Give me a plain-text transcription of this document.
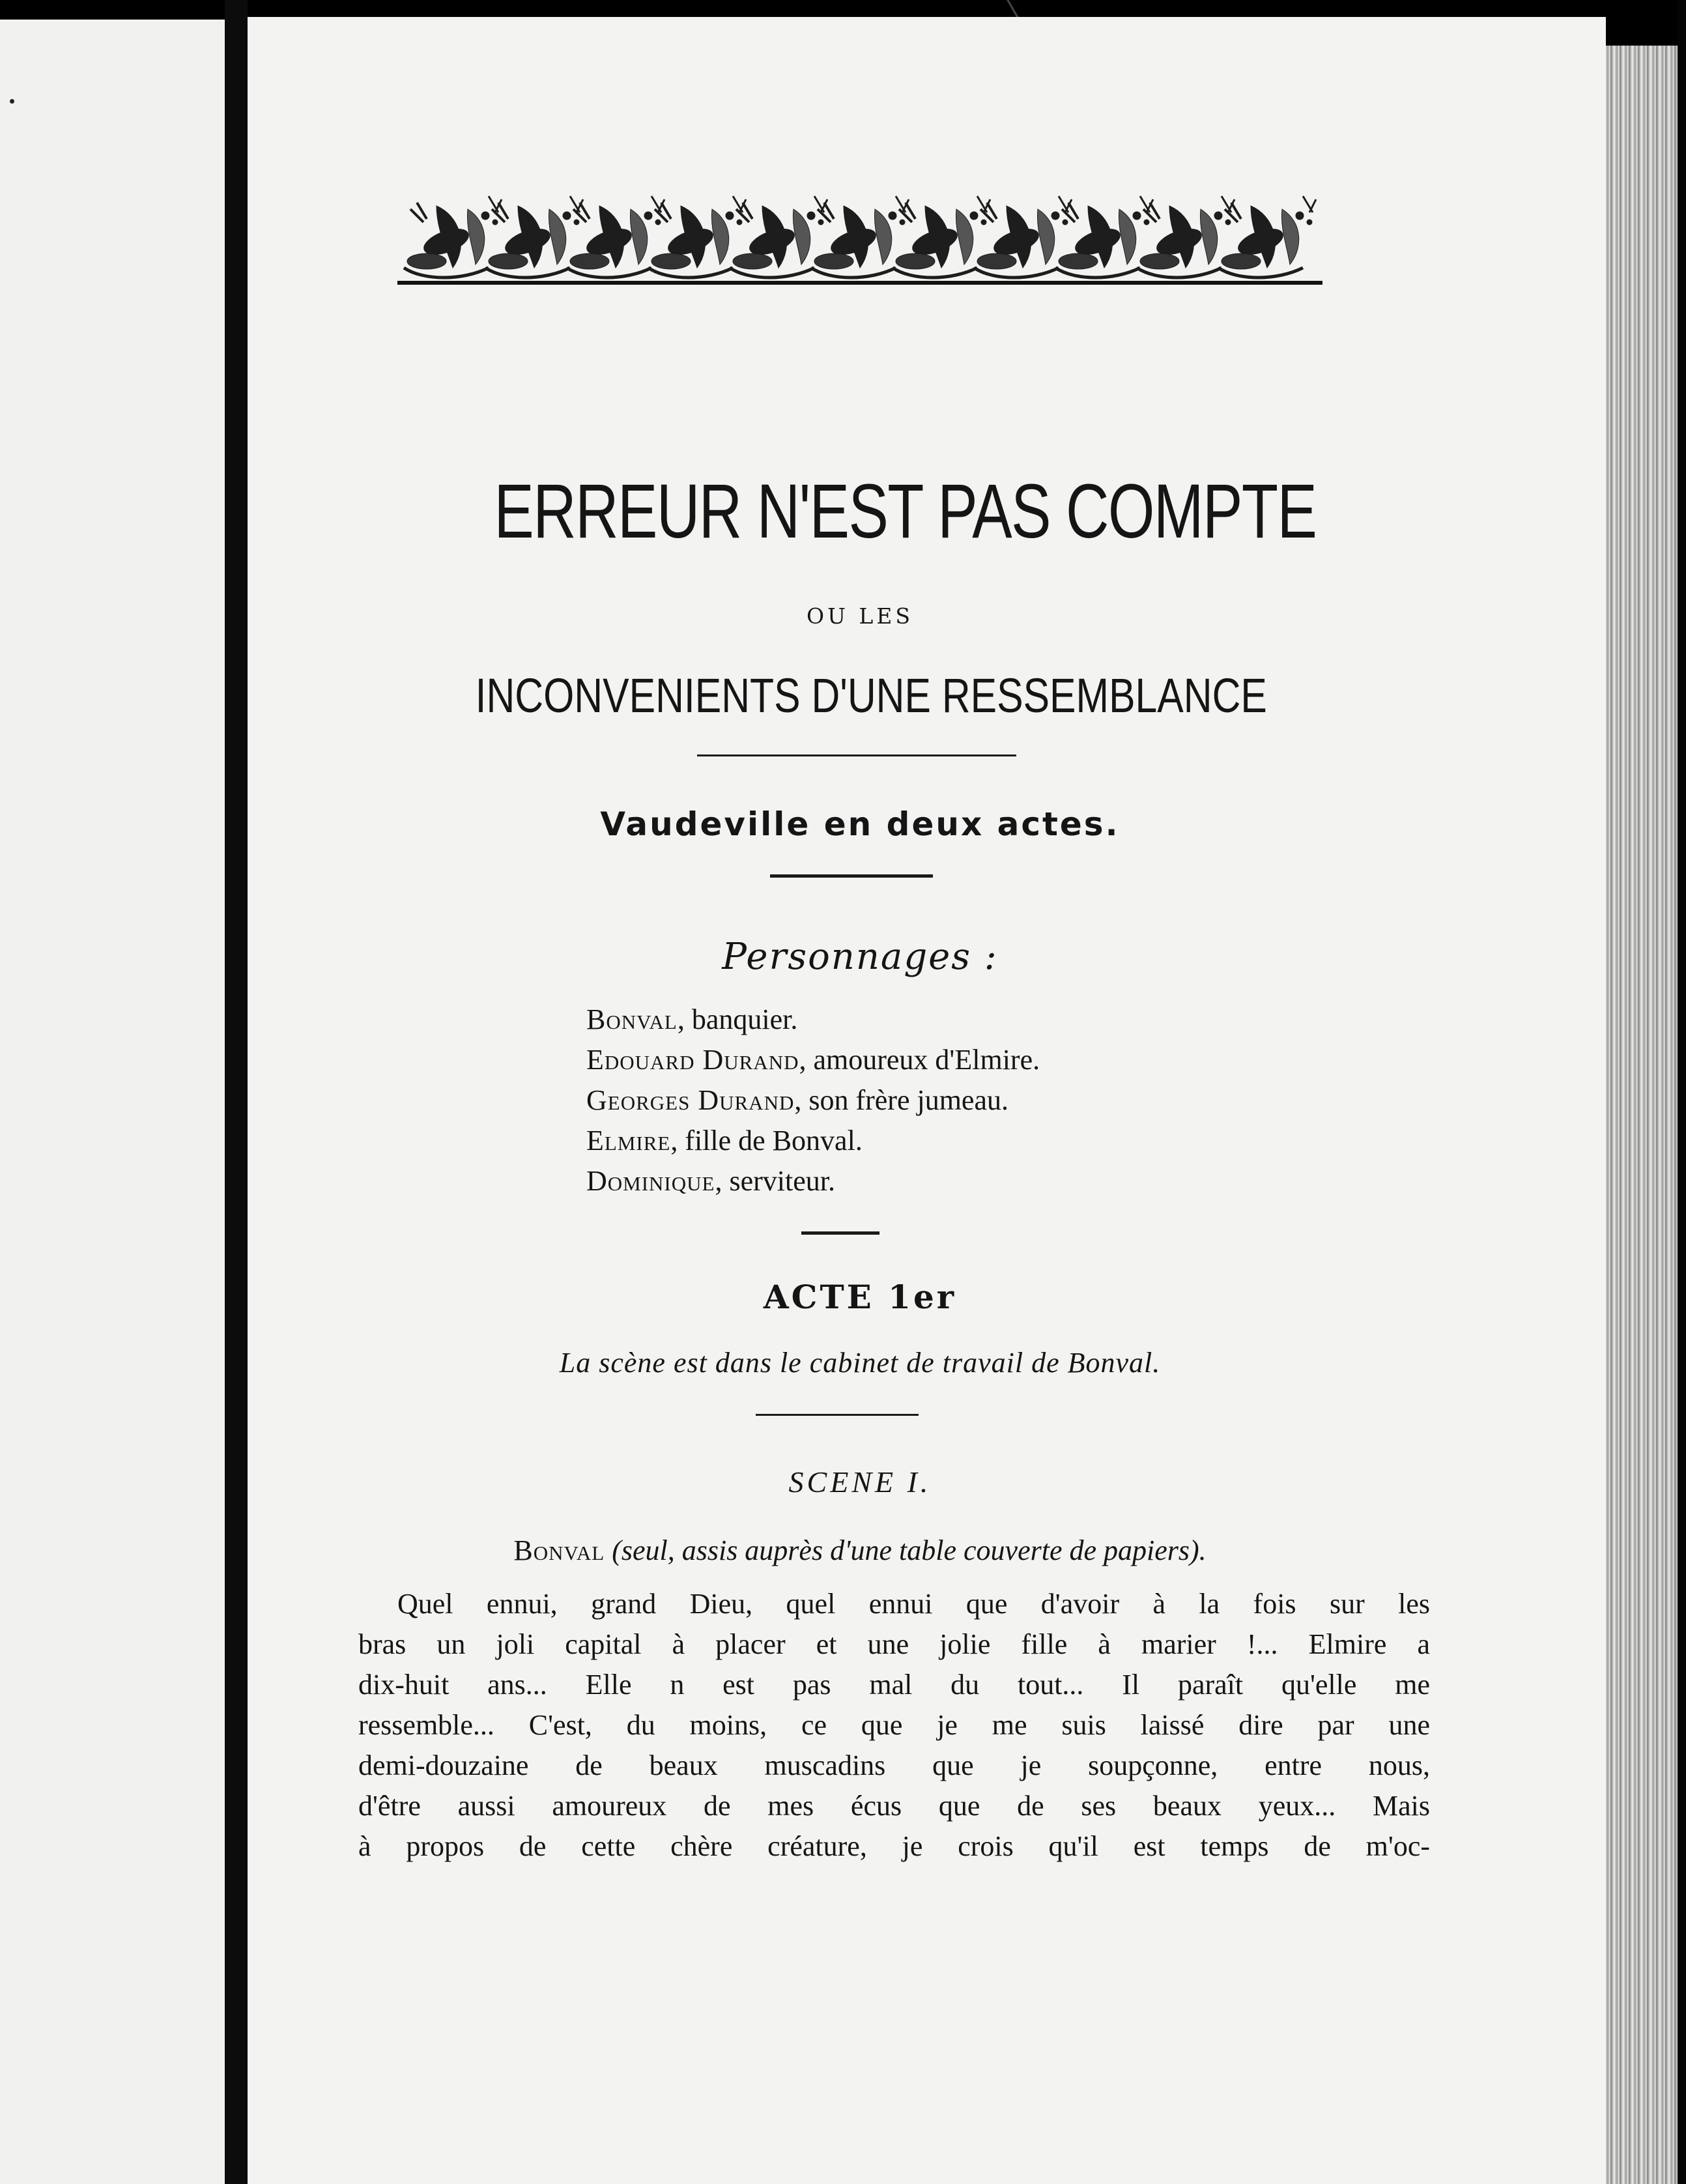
ERREUR N'EST PAS COMPTE
OU LES
INCONVENIENTS D'UNE RESSEMBLANCE
Vaudeville en deux actes.
Personnages :
Bonval, banquier.
Edouard Durand, amoureux d'Elmire.
Georges Durand, son frère jumeau.
Elmire, fille de Bonval.
Dominique, serviteur.
ACTE 1er
La scène est dans le cabinet de travail de Bonval.
SCENE I.
Bonval (seul, assis auprès d'une table couverte de papiers).
Quel ennui, grand Dieu, quel ennui que d'avoir à la fois sur les
bras un joli capital à placer et une jolie fille à marier !... Elmire a
dix-huit ans... Elle n est pas mal du tout... Il paraît qu'elle me
ressemble... C'est, du moins, ce que je me suis laissé dire par une
demi-douzaine de beaux muscadins que je soupçonne, entre nous,
d'être aussi amoureux de mes écus que de ses beaux yeux... Mais
à propos de cette chère créature, je crois qu'il est temps de m'oc-
